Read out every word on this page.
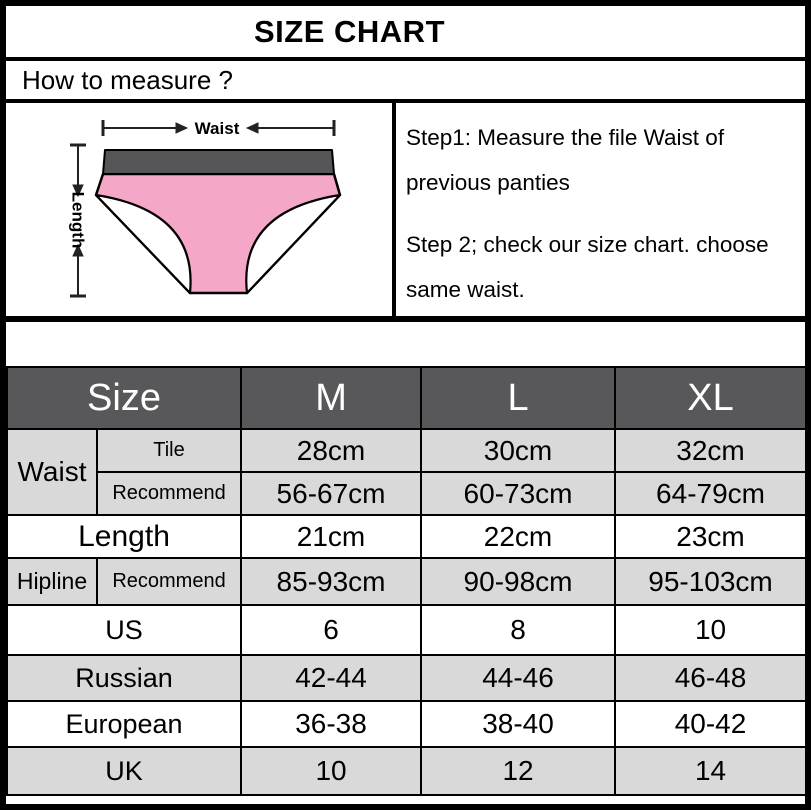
SIZE CHART
How to measure ?
Waist
Length
Step1: Measure the file Waist of
previous panties
Step 2; check our size chart. choose
same waist.
Size		M	L	XL
Waist	Tile	28cm	30cm	32cm
	Recommend	56-67cm	60-73cm	64-79cm
Length		21cm	22cm	23cm
Hipline	Recommend	85-93cm	90-98cm	95-103cm
US		6	8	10
Russian		42-44	44-46	46-48
European		36-38	38-40	40-42
UK		10	12	14
